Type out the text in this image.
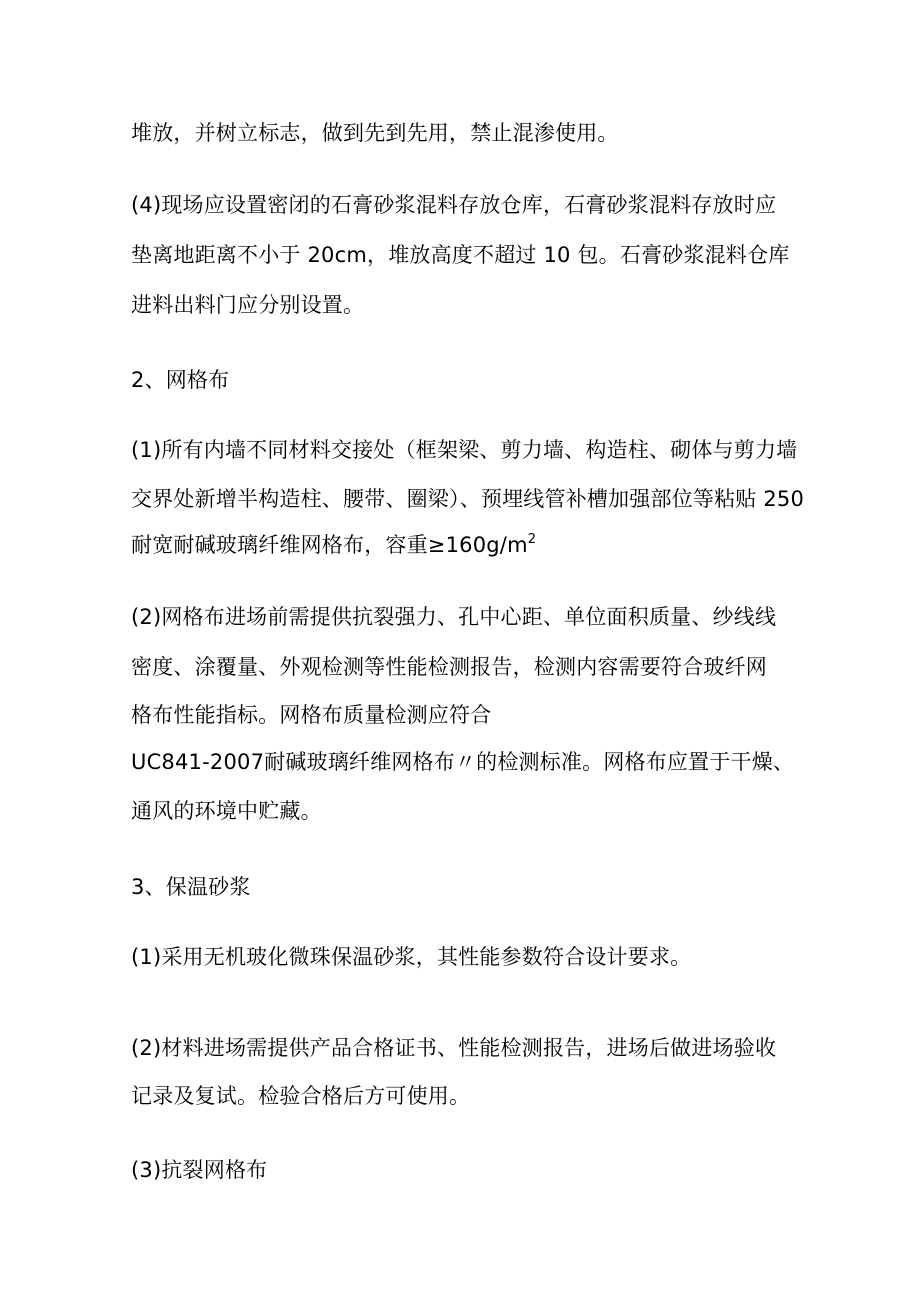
堆放，并树立标志，做到先到先用，禁止混渗使用。
(4)现场应设置密闭的石膏砂浆混料存放仓库，石膏砂浆混料存放时应
垫离地距离不小于 20cm，堆放高度不超过 10 包。石膏砂浆混料仓库
进料出料门应分别设置。
2、网格布
(1)所有内墙不同材料交接处（框架梁、剪力墙、构造柱、砌体与剪力墙
交界处新增半构造柱、腰带、圈梁）、预埋线管补槽加强部位等粘贴 250
耐宽耐碱玻璃纤维网格布，容重$\ge 160g/m^2$
(2)网格布进场前需提供抗裂强力、孔中心距、单位面积质量、纱线线
密度、涂覆量、外观检测等性能检测报告，检测内容需要符合玻纤网
格布性能指标。网格布质量检测应符合
UC841-2007耐碱玻璃纤维网格布〃的检测标准。网格布应置于干燥、
通风的环境中贮藏。
3、保温砂浆
(1)采用无机玻化微珠保温砂浆，其性能参数符合设计要求。
(2)材料进场需提供产品合格证书、性能检测报告，进场后做进场验收
记录及复试。检验合格后方可使用。
(3)抗裂网格布
